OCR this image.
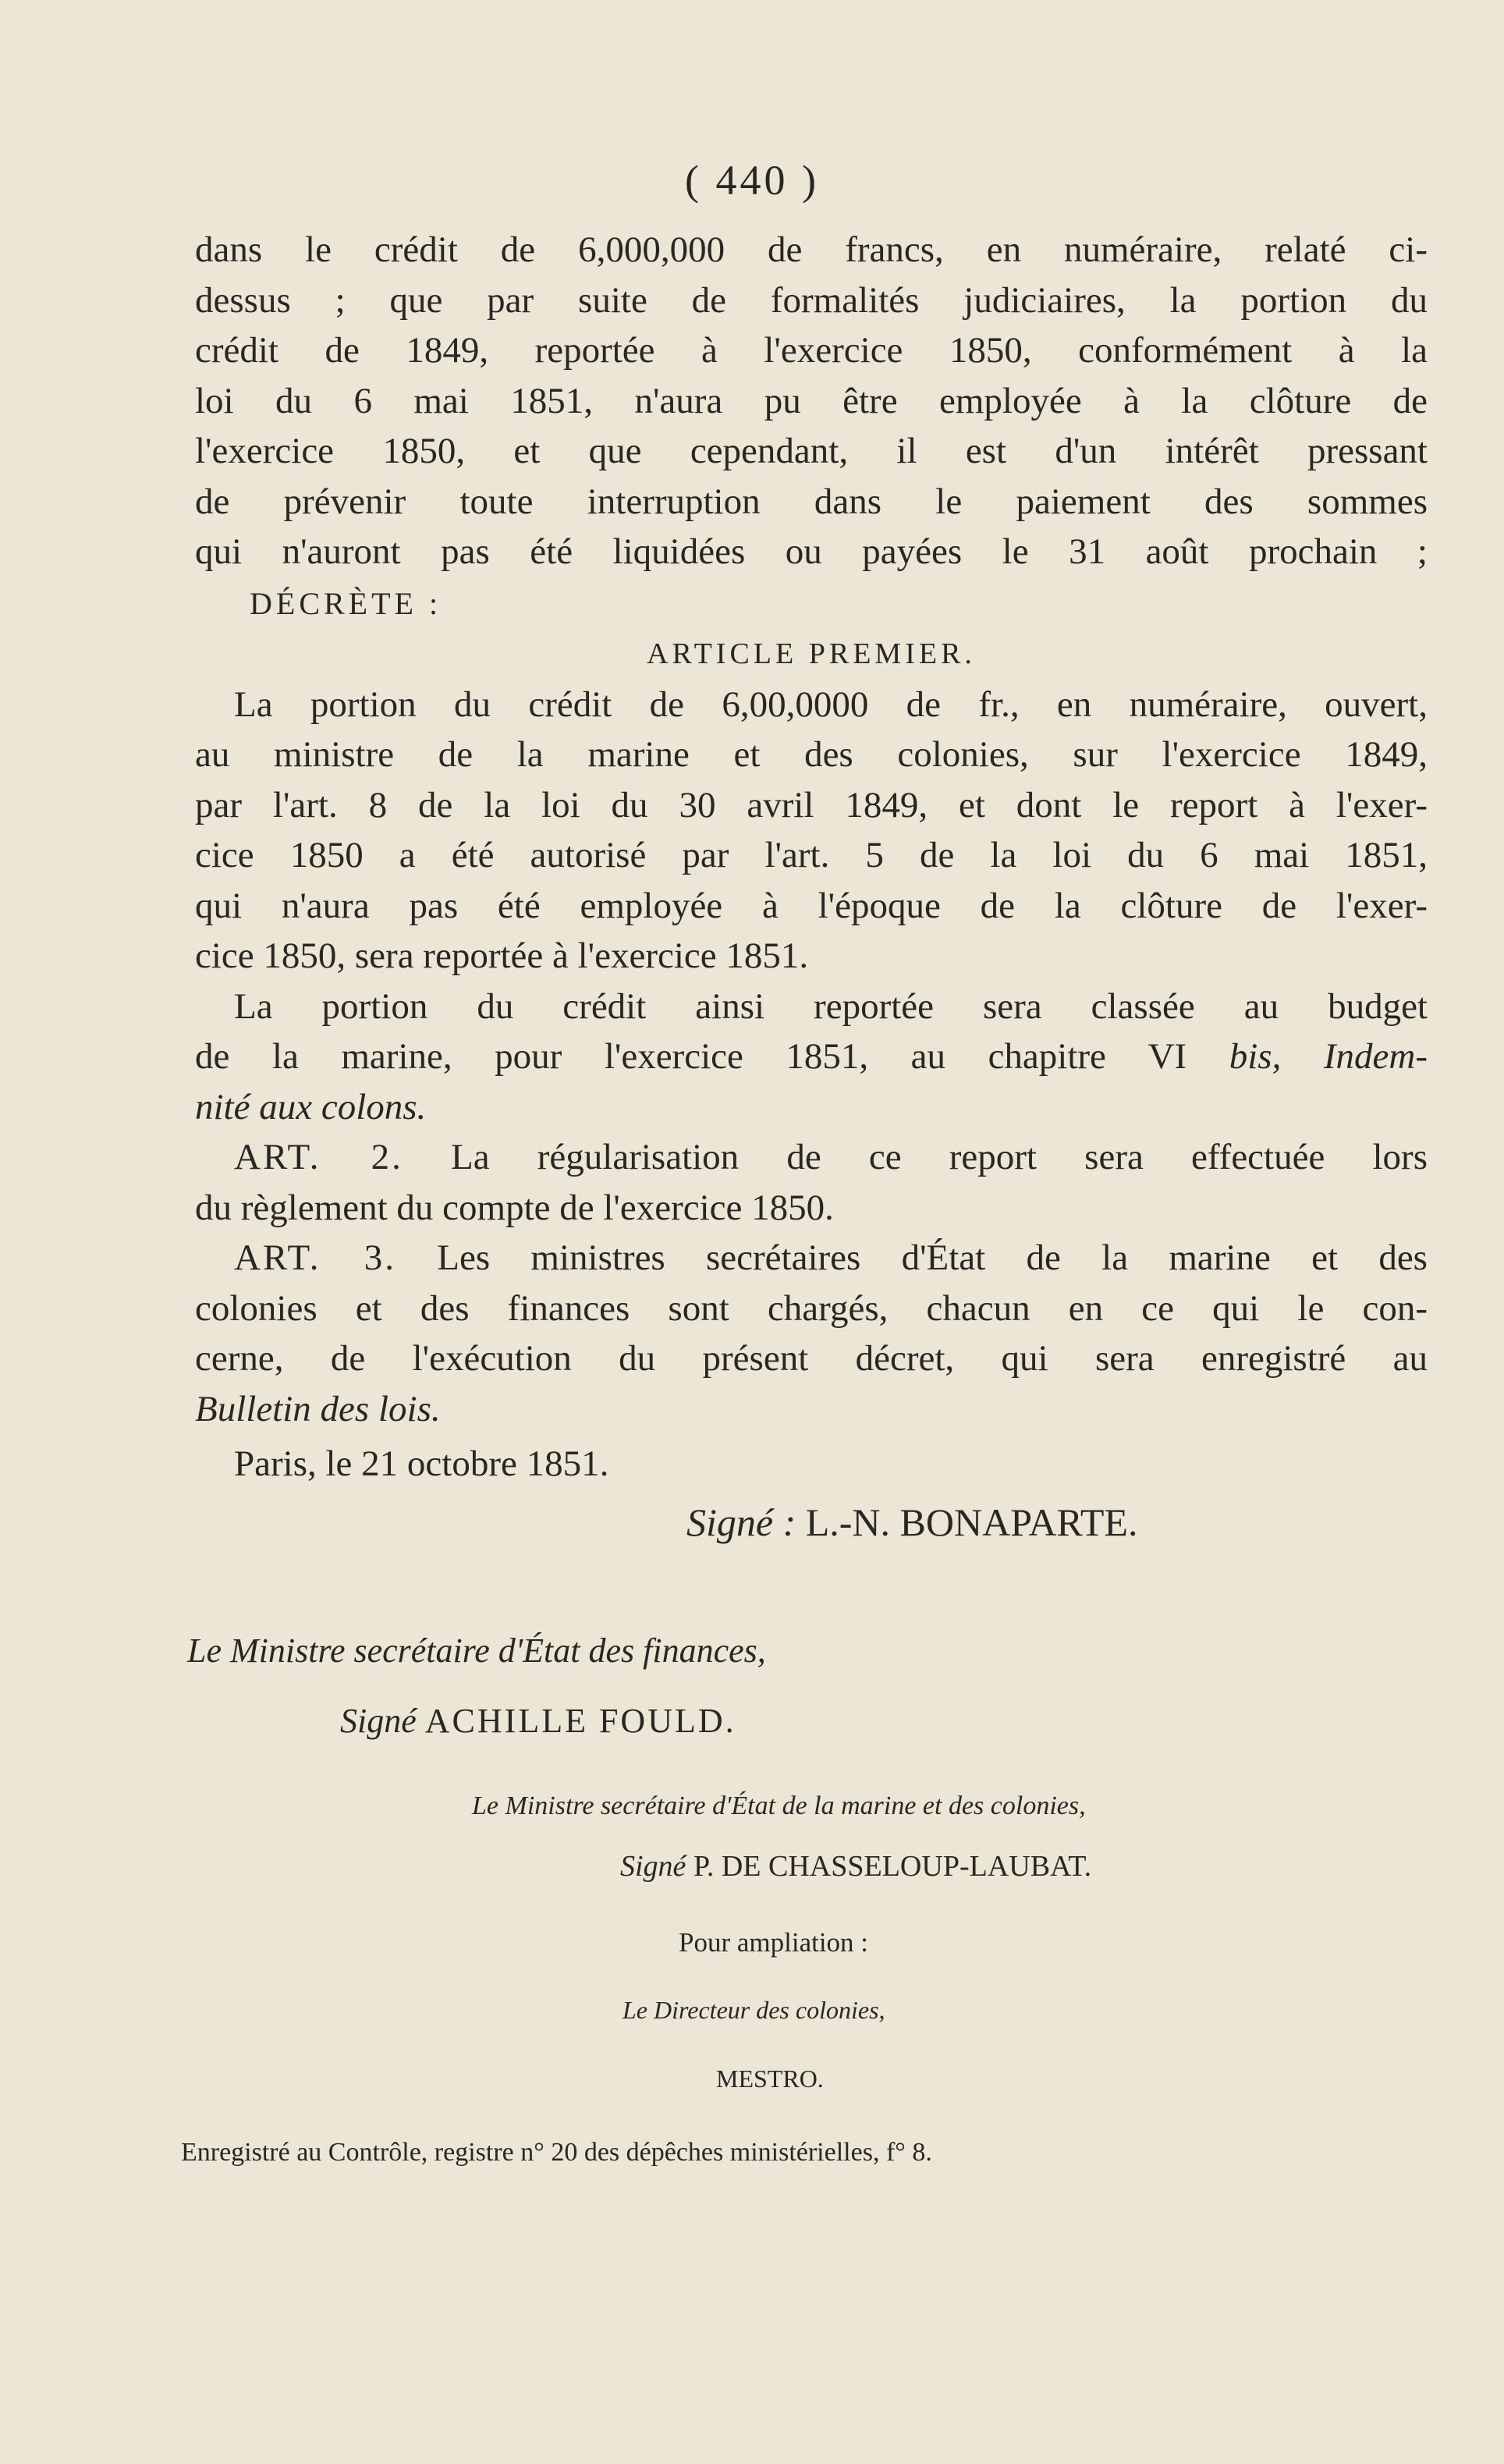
( 440 )
dans le crédit de 6,000,000 de francs, en numéraire, relaté ci-
dessus ; que par suite de formalités judiciaires, la portion du
crédit de 1849, reportée à l'exercice 1850, conformément à la
loi du 6 mai 1851, n'aura pu être employée à la clôture de
l'exercice 1850, et que cependant, il est d'un intérêt pressant
de prévenir toute interruption dans le paiement des sommes
qui n'auront pas été liquidées ou payées le 31 août prochain ;
DÉCRÈTE :
ARTICLE PREMIER.
La portion du crédit de 6,00,0000 de fr., en numéraire, ouvert,
au ministre de la marine et des colonies, sur l'exercice 1849,
par l'art. 8 de la loi du 30 avril 1849, et dont le report à l'exer-
cice 1850 a été autorisé par l'art. 5 de la loi du 6 mai 1851,
qui n'aura pas été employée à l'époque de la clôture de l'exer-
cice 1850, sera reportée à l'exercice 1851.
La portion du crédit ainsi reportée sera classée au budget
de la marine, pour l'exercice 1851, au chapitre VI bis, Indem-
nité aux colons.
ART. 2. La régularisation de ce report sera effectuée lors
du règlement du compte de l'exercice 1850.
ART. 3. Les ministres secrétaires d'État de la marine et des
colonies et des finances sont chargés, chacun en ce qui le con-
cerne, de l'exécution du présent décret, qui sera enregistré au
Bulletin des lois.
Paris, le 21 octobre 1851.
Signé : L.-N. BONAPARTE.
Le Ministre secrétaire d'État des finances,
Signé ACHILLE FOULD.
Le Ministre secrétaire d'État de la marine et des colonies,
Signé P. DE CHASSELOUP-LAUBAT.
Pour ampliation :
Le Directeur des colonies,
MESTRO.
Enregistré au Contrôle, registre n° 20 des dépêches ministérielles, f° 8.
